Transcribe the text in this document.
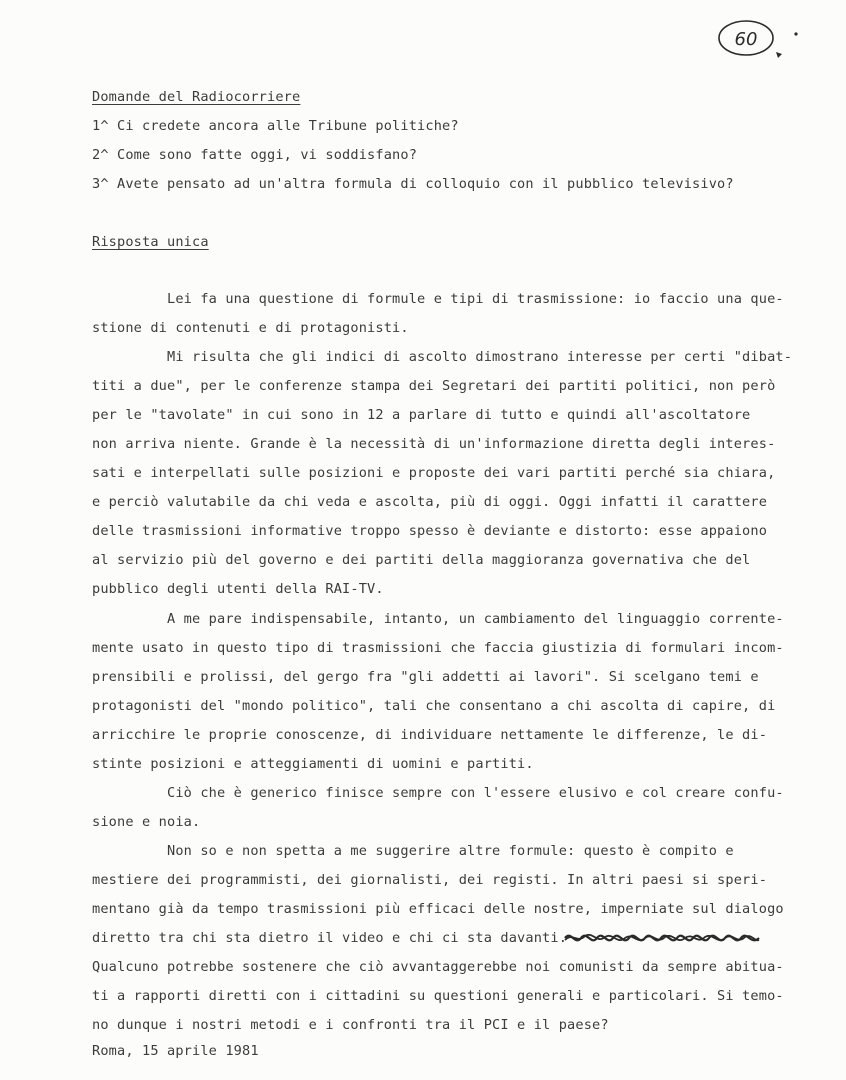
60
Domande del Radiocorriere
1^ Ci credete ancora alle Tribune politiche?
2^ Come sono fatte oggi, vi soddisfano?
3^ Avete pensato ad un'altra formula di colloquio con il pubblico televisivo?
Risposta unica
Lei fa una questione di formule e tipi di trasmissione: io faccio una que-
stione di contenuti e di protagonisti.
Mi risulta che gli indici di ascolto dimostrano interesse per certi "dibat-
titi a due", per le conferenze stampa dei Segretari dei partiti politici, non però
per le "tavolate" in cui sono in 12 a parlare di tutto e quindi all'ascoltatore
non arriva niente. Grande è la necessità di un'informazione diretta degli interes-
sati e interpellati sulle posizioni e proposte dei vari partiti perché sia chiara,
e perciò valutabile da chi veda e ascolta, più di oggi. Oggi infatti il carattere
delle trasmissioni informative troppo spesso è deviante e distorto: esse appaiono
al servizio più del governo e dei partiti della maggioranza governativa che del
pubblico degli utenti della RAI-TV.
A me pare indispensabile, intanto, un cambiamento del linguaggio corrente-
mente usato in questo tipo di trasmissioni che faccia giustizia di formulari incom-
prensibili e prolissi, del gergo fra "gli addetti ai lavori". Si scelgano temi e
protagonisti del "mondo politico", tali che consentano a chi ascolta di capire, di
arricchire le proprie conoscenze, di individuare nettamente le differenze, le di-
stinte posizioni e atteggiamenti di uomini e partiti.
Ciò che è generico finisce sempre con l'essere elusivo e col creare confu-
sione e noia.
Non so e non spetta a me suggerire altre formule: questo è compito e
mestiere dei programmisti, dei giornalisti, dei registi. In altri paesi si speri-
mentano già da tempo trasmissioni più efficaci delle nostre, imperniate sul dialogo
diretto tra chi sta dietro il video e chi ci sta davanti.
Qualcuno potrebbe sostenere che ciò avvantaggerebbe noi comunisti da sempre abitua-
ti a rapporti diretti con i cittadini su questioni generali e particolari. Si temo-
no dunque i nostri metodi e i confronti tra il PCI e il paese?
Roma, 15 aprile 1981
